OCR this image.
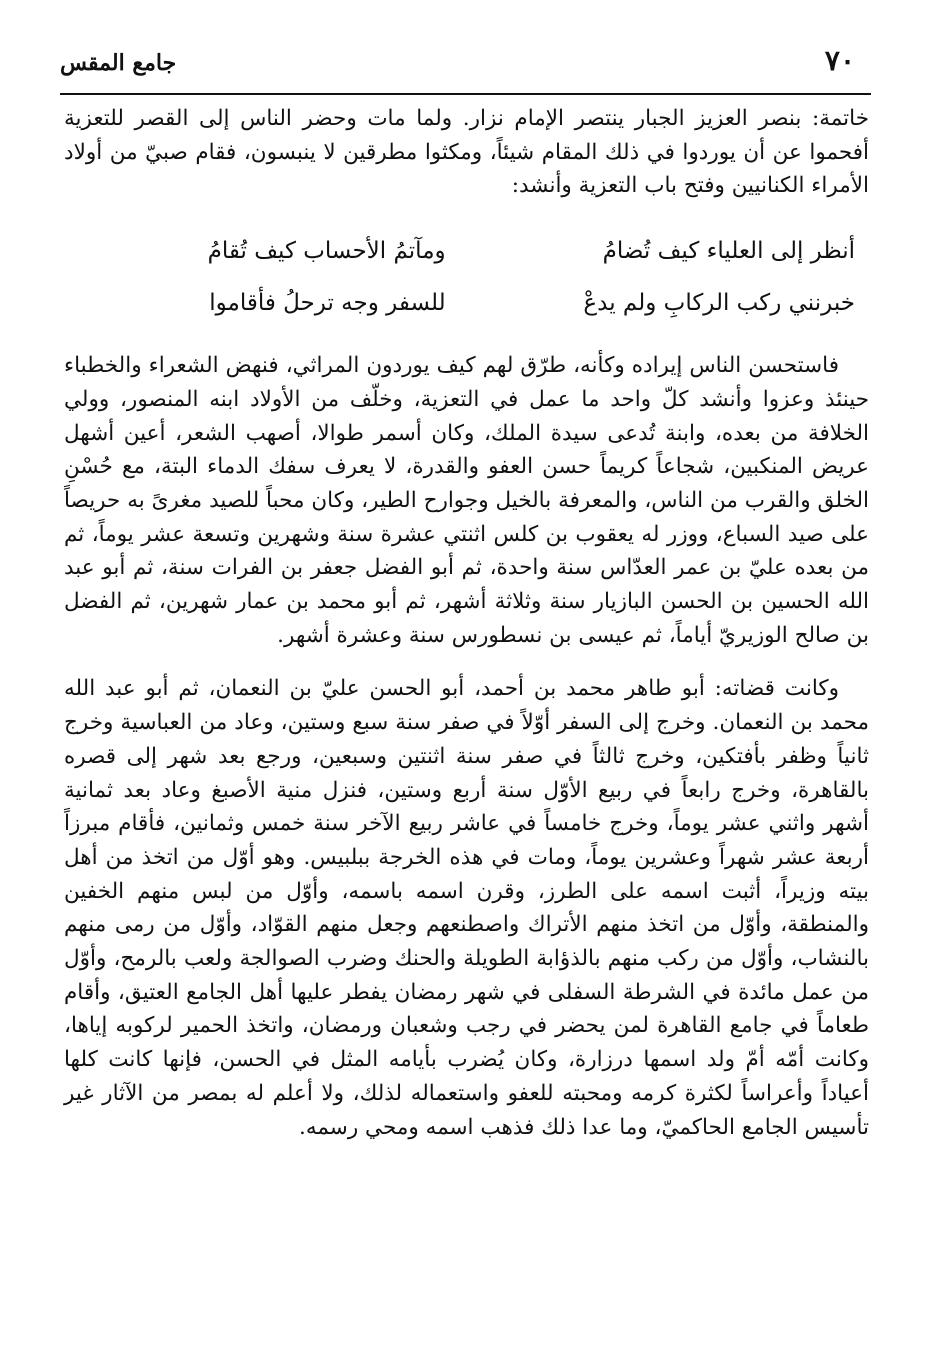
٧٠
جامع المقس

خاتمة: بنصر العزيز الجبار ينتصر الإمام نزار. ولما مات وحضر الناس إلى القصر للتعزية أفحموا عن أن يوردوا في ذلك المقام شيئاً، ومكثوا مطرقين لا ينبسون، فقام صبيّ من أولاد الأمراء الكنانيين وفتح باب التعزية وأنشد:

أنظر إلى العلياء كيف تُضامُ
ومآتمُ الأحساب كيف تُقامُ
خبرنني ركب الركابِ ولم يدعْ
للسفر وجه ترحلُ فأقاموا

فاستحسن الناس إيراده وكأنه، طرّق لهم كيف يوردون المراثي، فنهض الشعراء والخطباء حينئذ وعزوا وأنشد كلّ واحد ما عمل في التعزية، وخلّف من الأولاد ابنه المنصور، وولي الخلافة من بعده، وابنة تُدعى سيدة الملك، وكان أسمر طوالا، أصهب الشعر، أعين أشهل عريض المنكبين، شجاعاً كريماً حسن العفو والقدرة، لا يعرف سفك الدماء البتة، مع حُسْنِ الخلق والقرب من الناس، والمعرفة بالخيل وجوارح الطير، وكان محباً للصيد مغرىً به حريصاً على صيد السباع، ووزر له يعقوب بن كلس اثنتي عشرة سنة وشهرين وتسعة عشر يوماً، ثم من بعده عليّ بن عمر العدّاس سنة واحدة، ثم أبو الفضل جعفر بن الفرات سنة، ثم أبو عبد الله الحسين بن الحسن البازيار سنة وثلاثة أشهر، ثم أبو محمد بن عمار شهرين، ثم الفضل بن صالح الوزيريّ أياماً، ثم عيسى بن نسطورس سنة وعشرة أشهر.

وكانت قضاته: أبو طاهر محمد بن أحمد، أبو الحسن عليّ بن النعمان، ثم أبو عبد الله محمد بن النعمان. وخرج إلى السفر أوّلاً في صفر سنة سبع وستين، وعاد من العباسية وخرج ثانياً وظفر بأفتكين، وخرج ثالثاً في صفر سنة اثنتين وسبعين، ورجع بعد شهر إلى قصره بالقاهرة، وخرج رابعاً في ربيع الأوّل سنة أربع وستين، فنزل منية الأصبغ وعاد بعد ثمانية أشهر واثني عشر يوماً، وخرج خامساً في عاشر ربيع الآخر سنة خمس وثمانين، فأقام مبرزاً أربعة عشر شهراً وعشرين يوماً، ومات في هذه الخرجة ببلبيس. وهو أوّل من اتخذ من أهل بيته وزيراً، أثبت اسمه على الطرز، وقرن اسمه باسمه، وأوّل من لبس منهم الخفين والمنطقة، وأوّل من اتخذ منهم الأتراك واصطنعهم وجعل منهم القوّاد، وأوّل من رمى منهم بالنشاب، وأوّل من ركب منهم بالذؤابة الطويلة والحنك وضرب الصوالجة ولعب بالرمح، وأوّل من عمل مائدة في الشرطة السفلى في شهر رمضان يفطر عليها أهل الجامع العتيق، وأقام طعاماً في جامع القاهرة لمن يحضر في رجب وشعبان ورمضان، واتخذ الحمير لركوبه إياها، وكانت أمّه أمّ ولد اسمها درزارة، وكان يُضرب بأيامه المثل في الحسن، فإنها كانت كلها أعياداً وأعراساً لكثرة كرمه ومحبته للعفو واستعماله لذلك، ولا أعلم له بمصر من الآثار غير تأسيس الجامع الحاكميّ، وما عدا ذلك فذهب اسمه ومحي رسمه.
